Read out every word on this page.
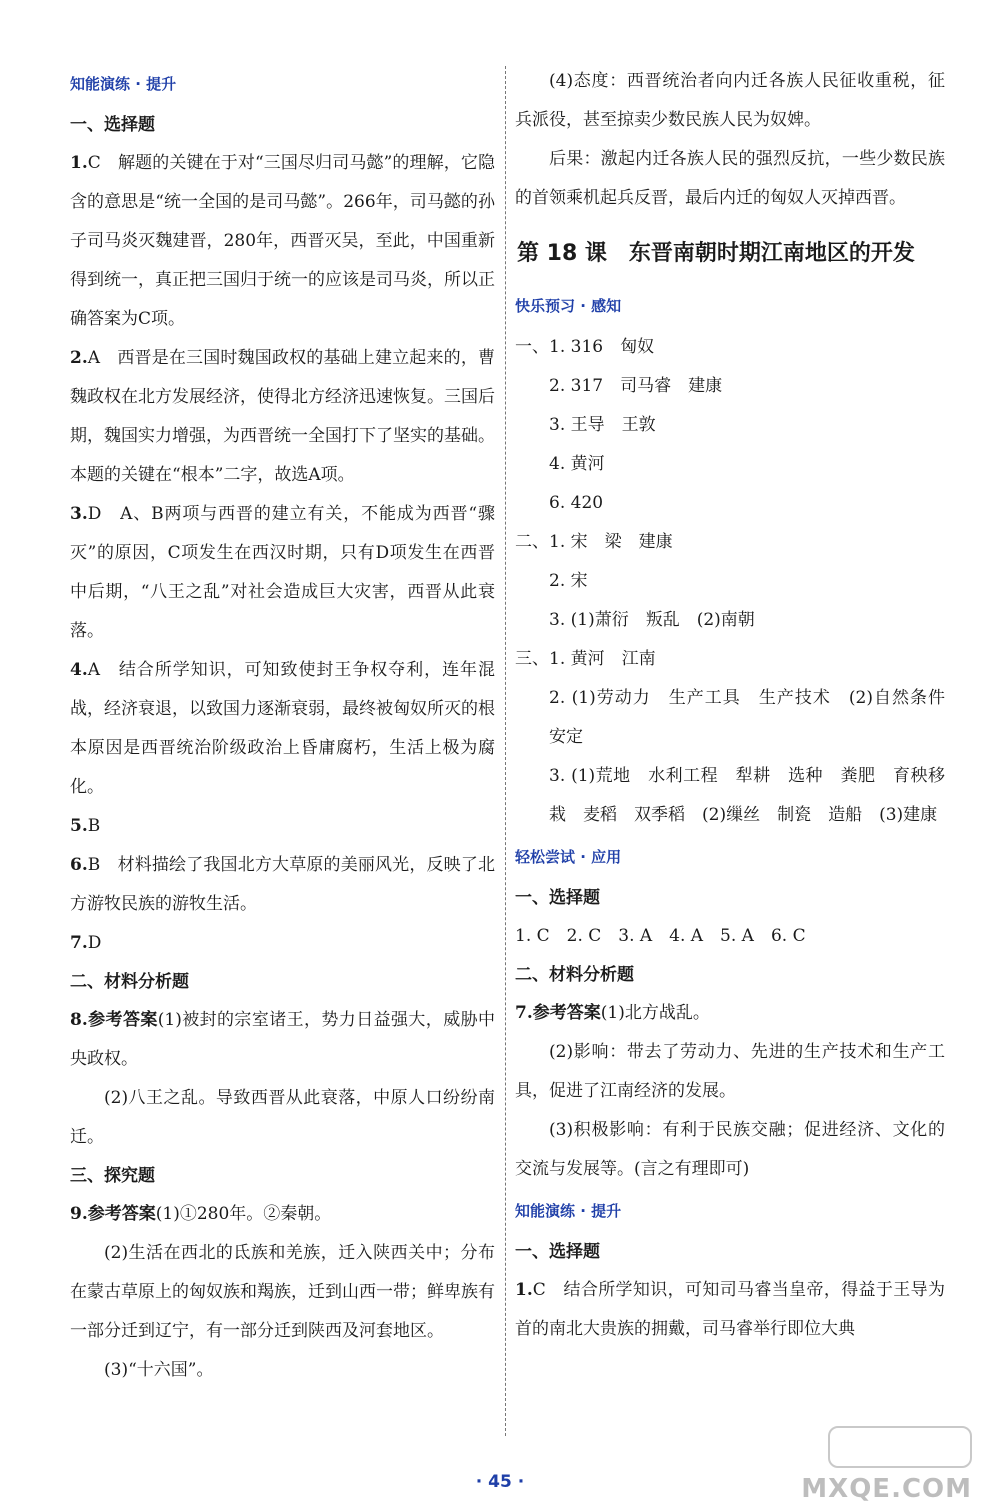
知能演练 · 提升
一、选择题
1.C　解题的关键在于对“三国尽归司马懿”的理解，它隐含的意思是“统一全国的是司马懿”。266年，司马懿的孙子司马炎灭魏建晋，280年，西晋灭吴，至此，中国重新得到统一，真正把三国归于统一的应该是司马炎，所以正确答案为C项。
2.A　西晋是在三国时魏国政权的基础上建立起来的，曹魏政权在北方发展经济，使得北方经济迅速恢复。三国后期，魏国实力增强，为西晋统一全国打下了坚实的基础。本题的关键在“根本”二字，故选A项。
3.D　A、B两项与西晋的建立有关，不能成为西晋“骤灭”的原因，C项发生在西汉时期，只有D项发生在西晋中后期，“八王之乱”对社会造成巨大灾害，西晋从此衰落。
4.A　结合所学知识，可知致使封王争权夺利，连年混战，经济衰退，以致国力逐渐衰弱，最终被匈奴所灭的根本原因是西晋统治阶级政治上昏庸腐朽，生活上极为腐化。
5.B
6.B　材料描绘了我国北方大草原的美丽风光，反映了北方游牧民族的游牧生活。
7.D
二、材料分析题
8.参考答案(1)被封的宗室诸王，势力日益强大，威胁中央政权。
(2)八王之乱。导致西晋从此衰落，中原人口纷纷南迁。
三、探究题
9.参考答案(1)①280年。②秦朝。
(2)生活在西北的氐族和羌族，迁入陕西关中；分布在蒙古草原上的匈奴族和羯族，迁到山西一带；鲜卑族有一部分迁到辽宁，有一部分迁到陕西及河套地区。
(3)“十六国”。
(4)态度：西晋统治者向内迁各族人民征收重税，征兵派役，甚至掠卖少数民族人民为奴婢。
后果：激起内迁各族人民的强烈反抗，一些少数民族的首领乘机起兵反晋，最后内迁的匈奴人灭掉西晋。
第 18 课　东晋南朝时期江南地区的开发
快乐预习 · 感知
一、1. 316　匈奴
2. 317　司马睿　建康
3. 王导　王敦
4. 黄河
6. 420
二、1. 宋　梁　建康
2. 宋
3. (1)萧衍　叛乱　(2)南朝
三、1. 黄河　江南
2. (1)劳动力　生产工具　生产技术　(2)自然条件　安定
3. (1)荒地　水利工程　犁耕　选种　粪肥　育秧移栽　麦稻　双季稻　(2)缫丝　制瓷　造船　(3)建康
轻松尝试 · 应用
一、选择题
1. C　2. C　3. A　4. A　5. A　6. C
二、材料分析题
7.参考答案(1)北方战乱。
(2)影响：带去了劳动力、先进的生产技术和生产工具，促进了江南经济的发展。
(3)积极影响：有利于民族交融；促进经济、文化的交流与发展等。(言之有理即可)
知能演练 · 提升
一、选择题
1.C　结合所学知识，可知司马睿当皇帝，得益于王导为首的南北大贵族的拥戴，司马睿举行即位大典
· 45 ·	MXQE.COM
